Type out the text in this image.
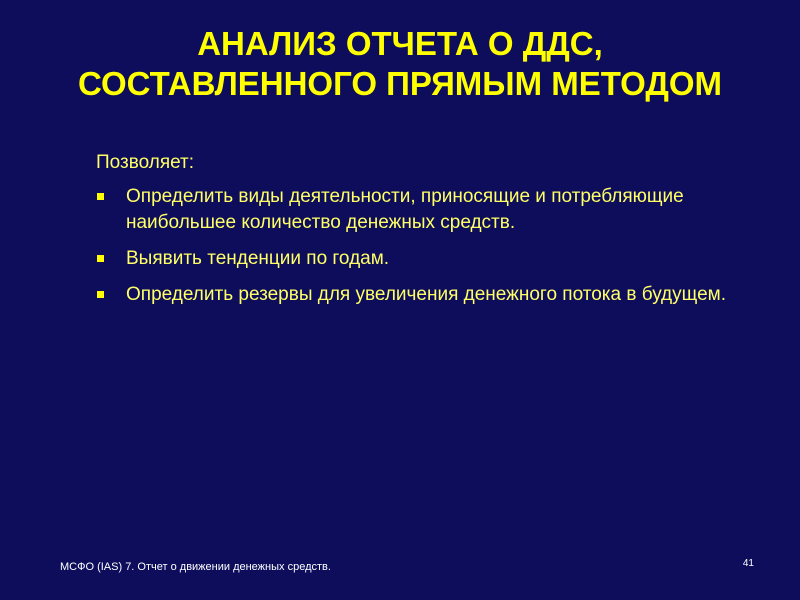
АНАЛИЗ ОТЧЕТА О ДДС,
СОСТАВЛЕННОГО ПРЯМЫМ МЕТОДОМ

Позволяет:

Определить виды деятельности, приносящие и потребляющие наибольшее количество денежных средств.
Выявить тенденции по годам.
Определить резервы для увеличения денежного потока в будущем.
МСФО (IAS) 7. Отчет о движении денежных средств.	41
